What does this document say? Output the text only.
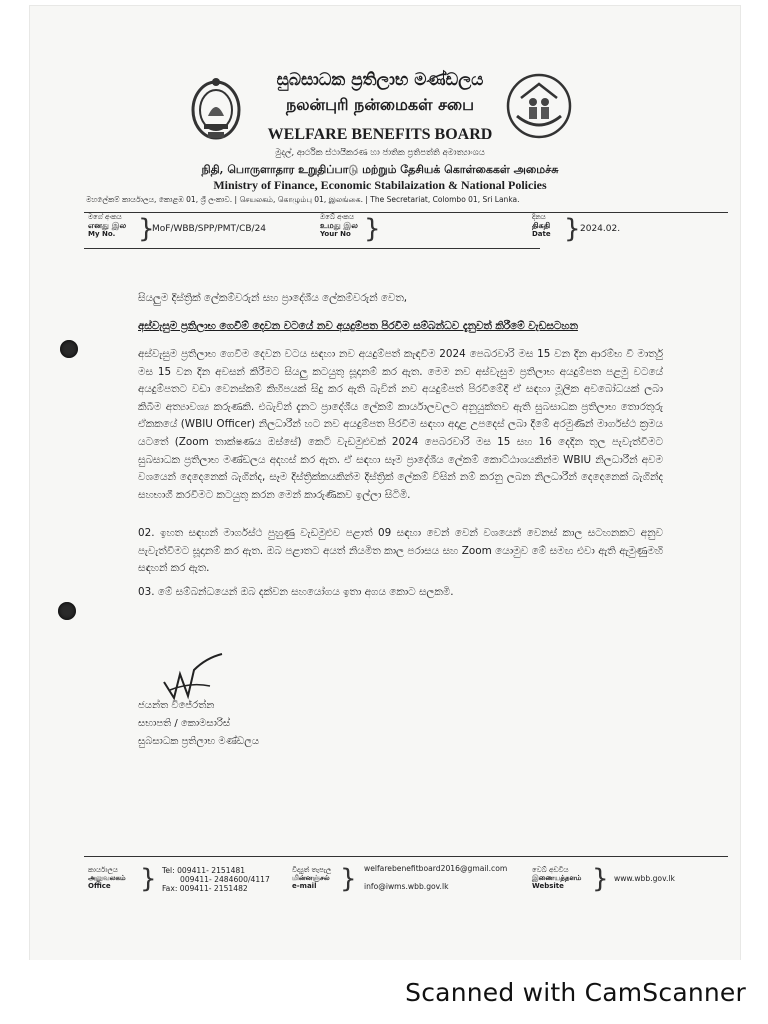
සුබසාධක ප්‍රතිලාභ මණ්ඩලය
நலன்புரி நன்மைகள் சபை
WELFARE BENEFITS BOARD
මුදල්, ආර්ථික ස්ථායීකරණ හා ජාතික ප්‍රතිපත්ති අමාත්‍යාංශය
நிதி, பொருளாதார உறுதிப்பாடு மற்றும் தேசியக் கொள்கைகள் அமைச்சு
Ministry of Finance, Economic Stabilaization & National Policies
මහලේකම් කාර්යාලය, කොළඹ 01, ශ්‍රී ලංකාව. | செயலகம், கொழும்பு 01, இலங்கை. | The Secretariat, Colombo 01, Sri Lanka.
මගේ අංකය
எனது இல
My No. }
MoF/WBB/SPP/PMT/CB/24
ඔබේ අංකය
உமது இல
Your No }	දිනය
திகதி
Date } 2024.02.
සියලුම දිස්ත්‍රික් ලේකම්වරුන් සහ ප්‍රාදේශීය ලේකම්වරුන් වෙත,
අස්වැසුම ප්‍රතිලාභ ගෙවීම් දෙවන වටයේ නව අයදුම්පත පිරවීම සම්බන්ධව දැනුවත් කිරීමේ වැඩසටහන
අස්වැසුම ප්‍රතිලාභ ගෙවීම දෙවන වටය සඳහා නව අයදුම්පත් කැඳවීම 2024 පෙබරවාරි මස 15 වන දින ආරම්භ වී මාර්තු මස 15 වන දින අවසන් කිරීමට සියලු කටයුතු සූදානම් කර ඇත. මෙම නව අස්වැසුම ප්‍රතිලාභ අයදුම්පත පළමු වටයේ අයදුම්පතට වඩා වෙනස්කම් කිහිපයක් සිදු කර ඇති බැවින් නව අයදුම්පත් පිරවීමේදී ඒ සඳහා මූලික අවබෝධයක් ලබා කිබීම අත්‍යාවශ්‍ය කරුණකි. එබැවින් දැනට ප්‍රාදේශීය ලේකම් කාර්යාලවලට අනුයුක්තව ඇති සුබසාධක ප්‍රතිලාභ තොරතුරු ඒකකයේ (WBIU Officer) නිලධාරීන් හට නව අයදුම්පත පිරවීම සඳහා අදාළ උපදෙස් ලබා දීමේ අරමුණින් මාර්ගස්ථ ක්‍රමය යටතේ (Zoom තාක්ෂණය ඔස්සේ) කෙටි වැඩමුළුවක් 2024 පෙබරවාරි මස 15 සහ 16 දෙදින තුල පැවැත්වීමට සුබසාධක ප්‍රතිලාභ මණ්ඩලය අදහස් කර ඇත. ඒ සඳහා සෑම ප්‍රාදේශීය ලේකම් කොට්ඨාශයකින්ම WBIU නිලධාරීන් අවම වශයෙන් දෙදෙනෙක් බැගින්ද, සෑම දිස්ත්‍රික්කයකින්ම දිස්ත්‍රික් ලේකම් විසින් නම් කරනු ලබන නිලධාරීන් දෙදෙනෙක් බැගින්ද සහභාගී කරවීමට කටයුතු කරන මෙන් කාරුණිකව ඉල්ලා සිටිමි.
02. ඉහත සඳහන් මාර්ගස්ථ පුහුණු වැඩමුළුව පළාත් 09 සඳහා වෙන් වෙන් වශයෙන් වෙනස් කාල සටහනකට අනුව පැවැත්වීමට සූදානම් කර ඇත. ඔබ පළාතට අයත් නියමිත කාල පරාසය සහ Zoom යොමුව මේ සමඟ එවා ඇති ඇමුණුමහි සඳහන් කර ඇත.
03. මේ සම්බන්ධයෙන් ඔබ දක්වන සහයෝගය ඉතා අගය කොට සලකමි.
ජයන්ත විජේරත්න
සභාපති / කොමසාරිස්
සුබසාධක ප්‍රතිලාභ මණ්ඩලය
කාර්යාලය
அலுவலகம்
Office	} Tel: 009411- 2151481
009411- 2484600/4117
Fax: 009411- 2151482
විද්‍යුත් තැපැල
மின்னஞ்சல்
e-mail } welfarebenefitboard2016@gmail.com
info@iwms.wbb.gov.lk
වෙබ් අඩවිය
இணையத்தளம்
Website	} www.wbb.gov.lk
Scanned with CamScanner
